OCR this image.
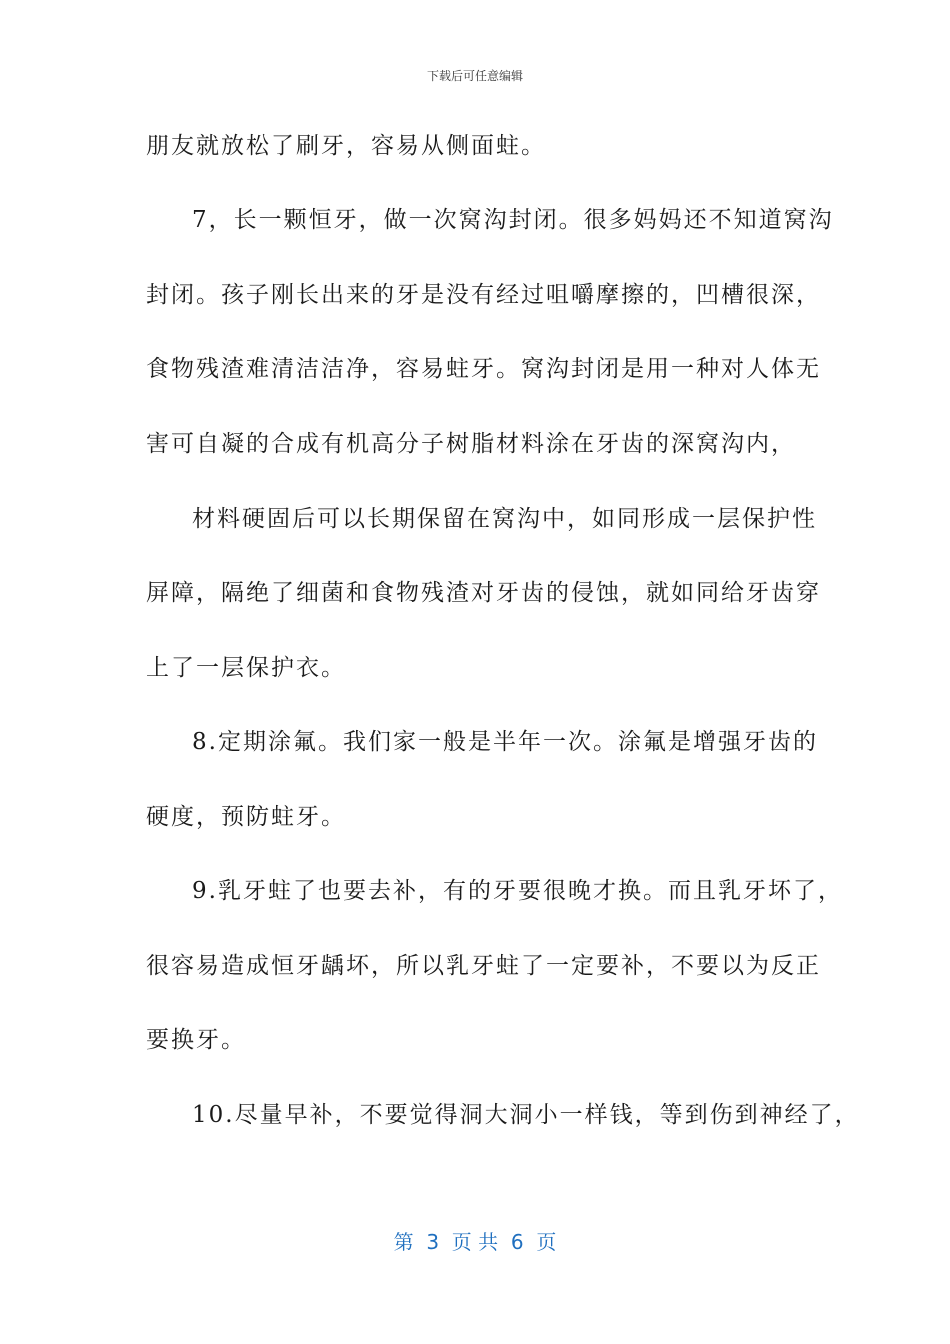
下载后可任意编辑
朋友就放松了刷牙，容易从侧面蛀。
7，长一颗恒牙，做一次窝沟封闭。很多妈妈还不知道窝沟
封闭。孩子刚长出来的牙是没有经过咀嚼摩擦的，凹槽很深，
食物残渣难清洁洁净，容易蛀牙。窝沟封闭是用一种对人体无
害可自凝的合成有机高分子树脂材料涂在牙齿的深窝沟内，
材料硬固后可以长期保留在窝沟中，如同形成一层保护性
屏障，隔绝了细菌和食物残渣对牙齿的侵蚀，就如同给牙齿穿
上了一层保护衣。
8.定期涂氟。我们家一般是半年一次。涂氟是增强牙齿的
硬度，预防蛀牙。
9.乳牙蛀了也要去补，有的牙要很晚才换。而且乳牙坏了，
很容易造成恒牙龋坏，所以乳牙蛀了一定要补，不要以为反正
要换牙。
10.尽量早补，不要觉得洞大洞小一样钱，等到伤到神经了，
第  3  页 共  6  页
